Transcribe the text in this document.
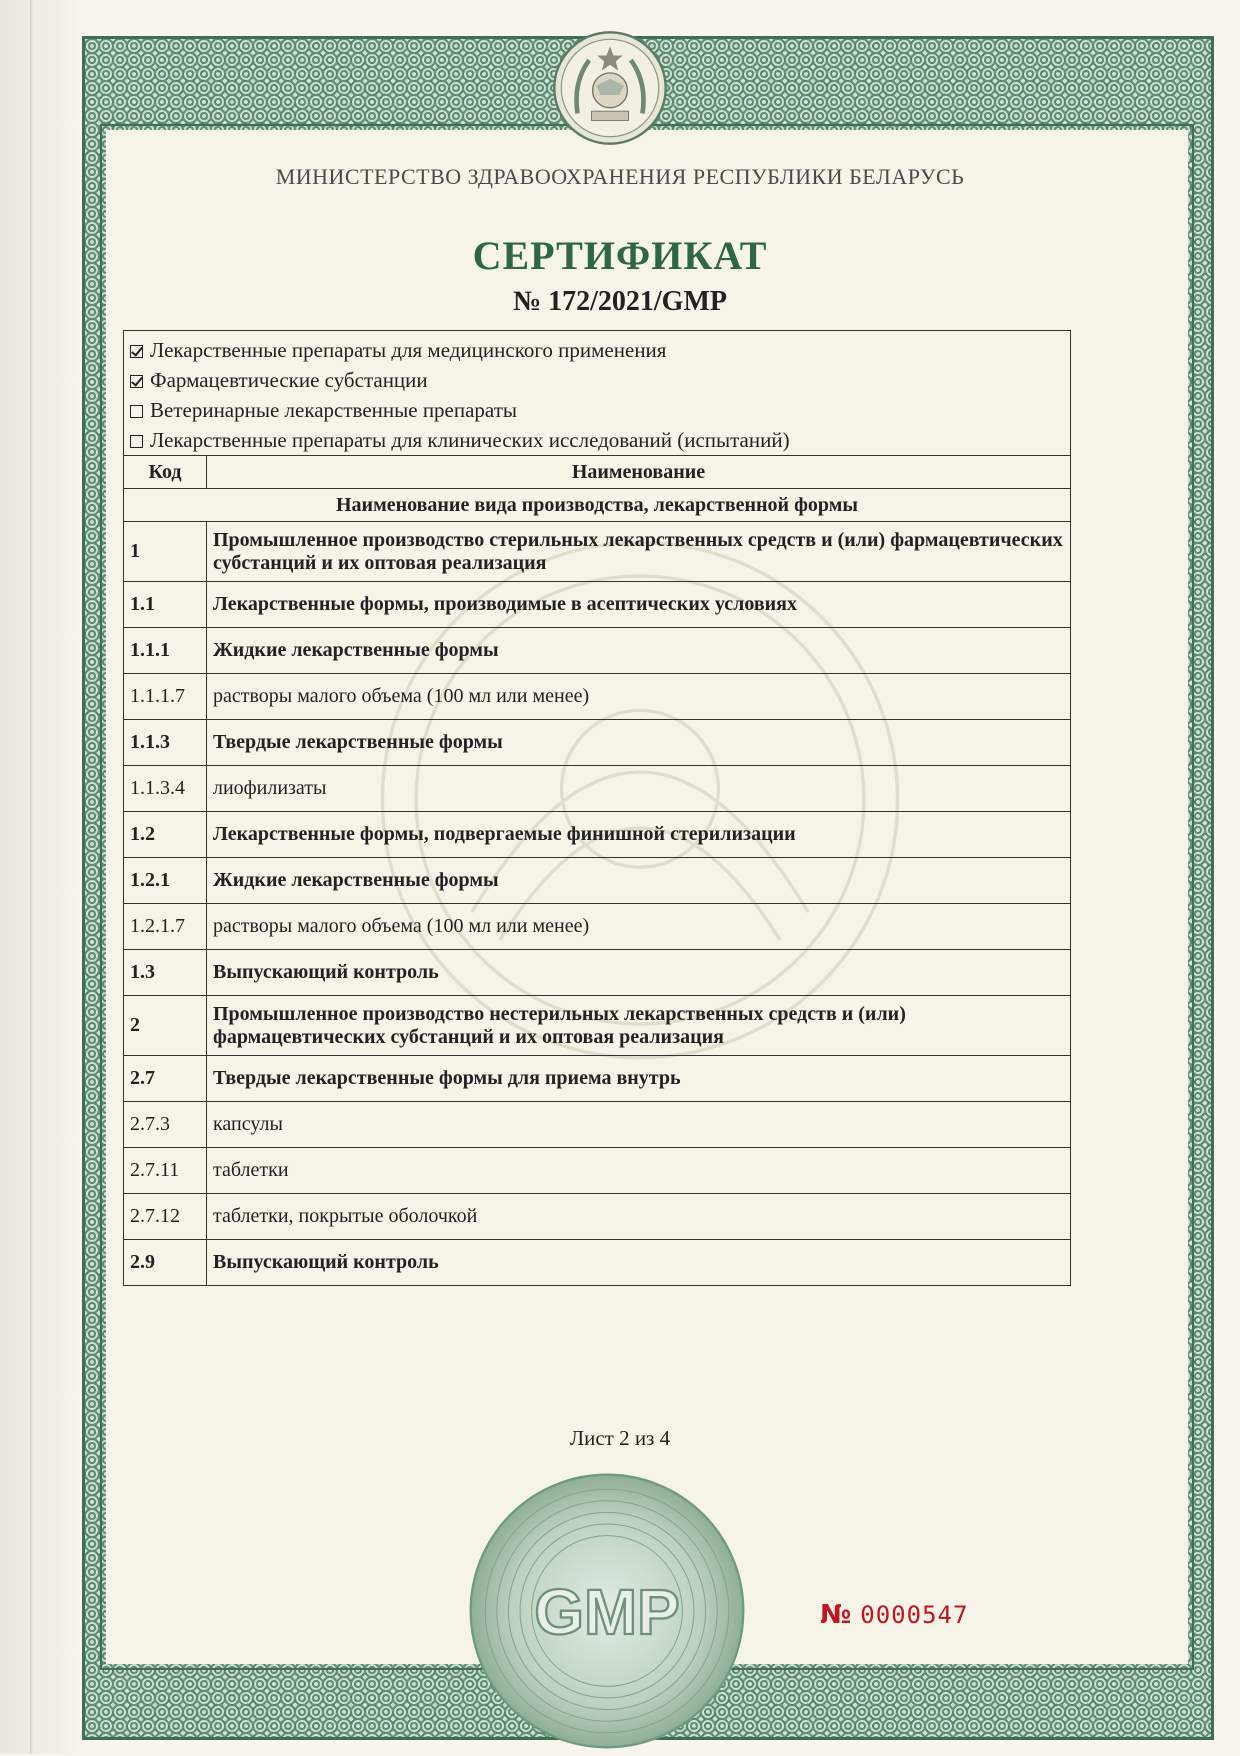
МИНИСТЕРСТВО ЗДРАВООХРАНЕНИЯ РЕСПУБЛИКИ БЕЛАРУСЬ
СЕРТИФИКАТ
№ 172/2021/GMP
Лекарственные препараты для медицинского применения
Фармацевтические субстанции
Ветеринарные лекарственные препараты
Лекарственные препараты для клинических исследований (испытаний)
Код	Наименование
Наименование вида производства, лекарственной формы	
1	Промышленное производство стерильных лекарственных средств и (или) фармацевтических субстанций и их оптовая реализация
1.1	Лекарственные формы, производимые в асептических условиях
1.1.1	Жидкие лекарственные формы
1.1.1.7	растворы малого объема (100 мл или менее)
1.1.3	Твердые лекарственные формы
1.1.3.4	лиофилизаты
1.2	Лекарственные формы, подвергаемые финишной стерилизации
1.2.1	Жидкие лекарственные формы
1.2.1.7	растворы малого объема (100 мл или менее)
1.3	Выпускающий контроль
2	Промышленное производство нестерильных лекарственных средств и (или) фармацевтических субстанций и их оптовая реализация
2.7	Твердые лекарственные формы для приема внутрь
2.7.3	капсулы
2.7.11	таблетки
2.7.12	таблетки, покрытые оболочкой
2.9	Выпускающий контроль
Лист 2 из 4
GMP	№ 0000547
